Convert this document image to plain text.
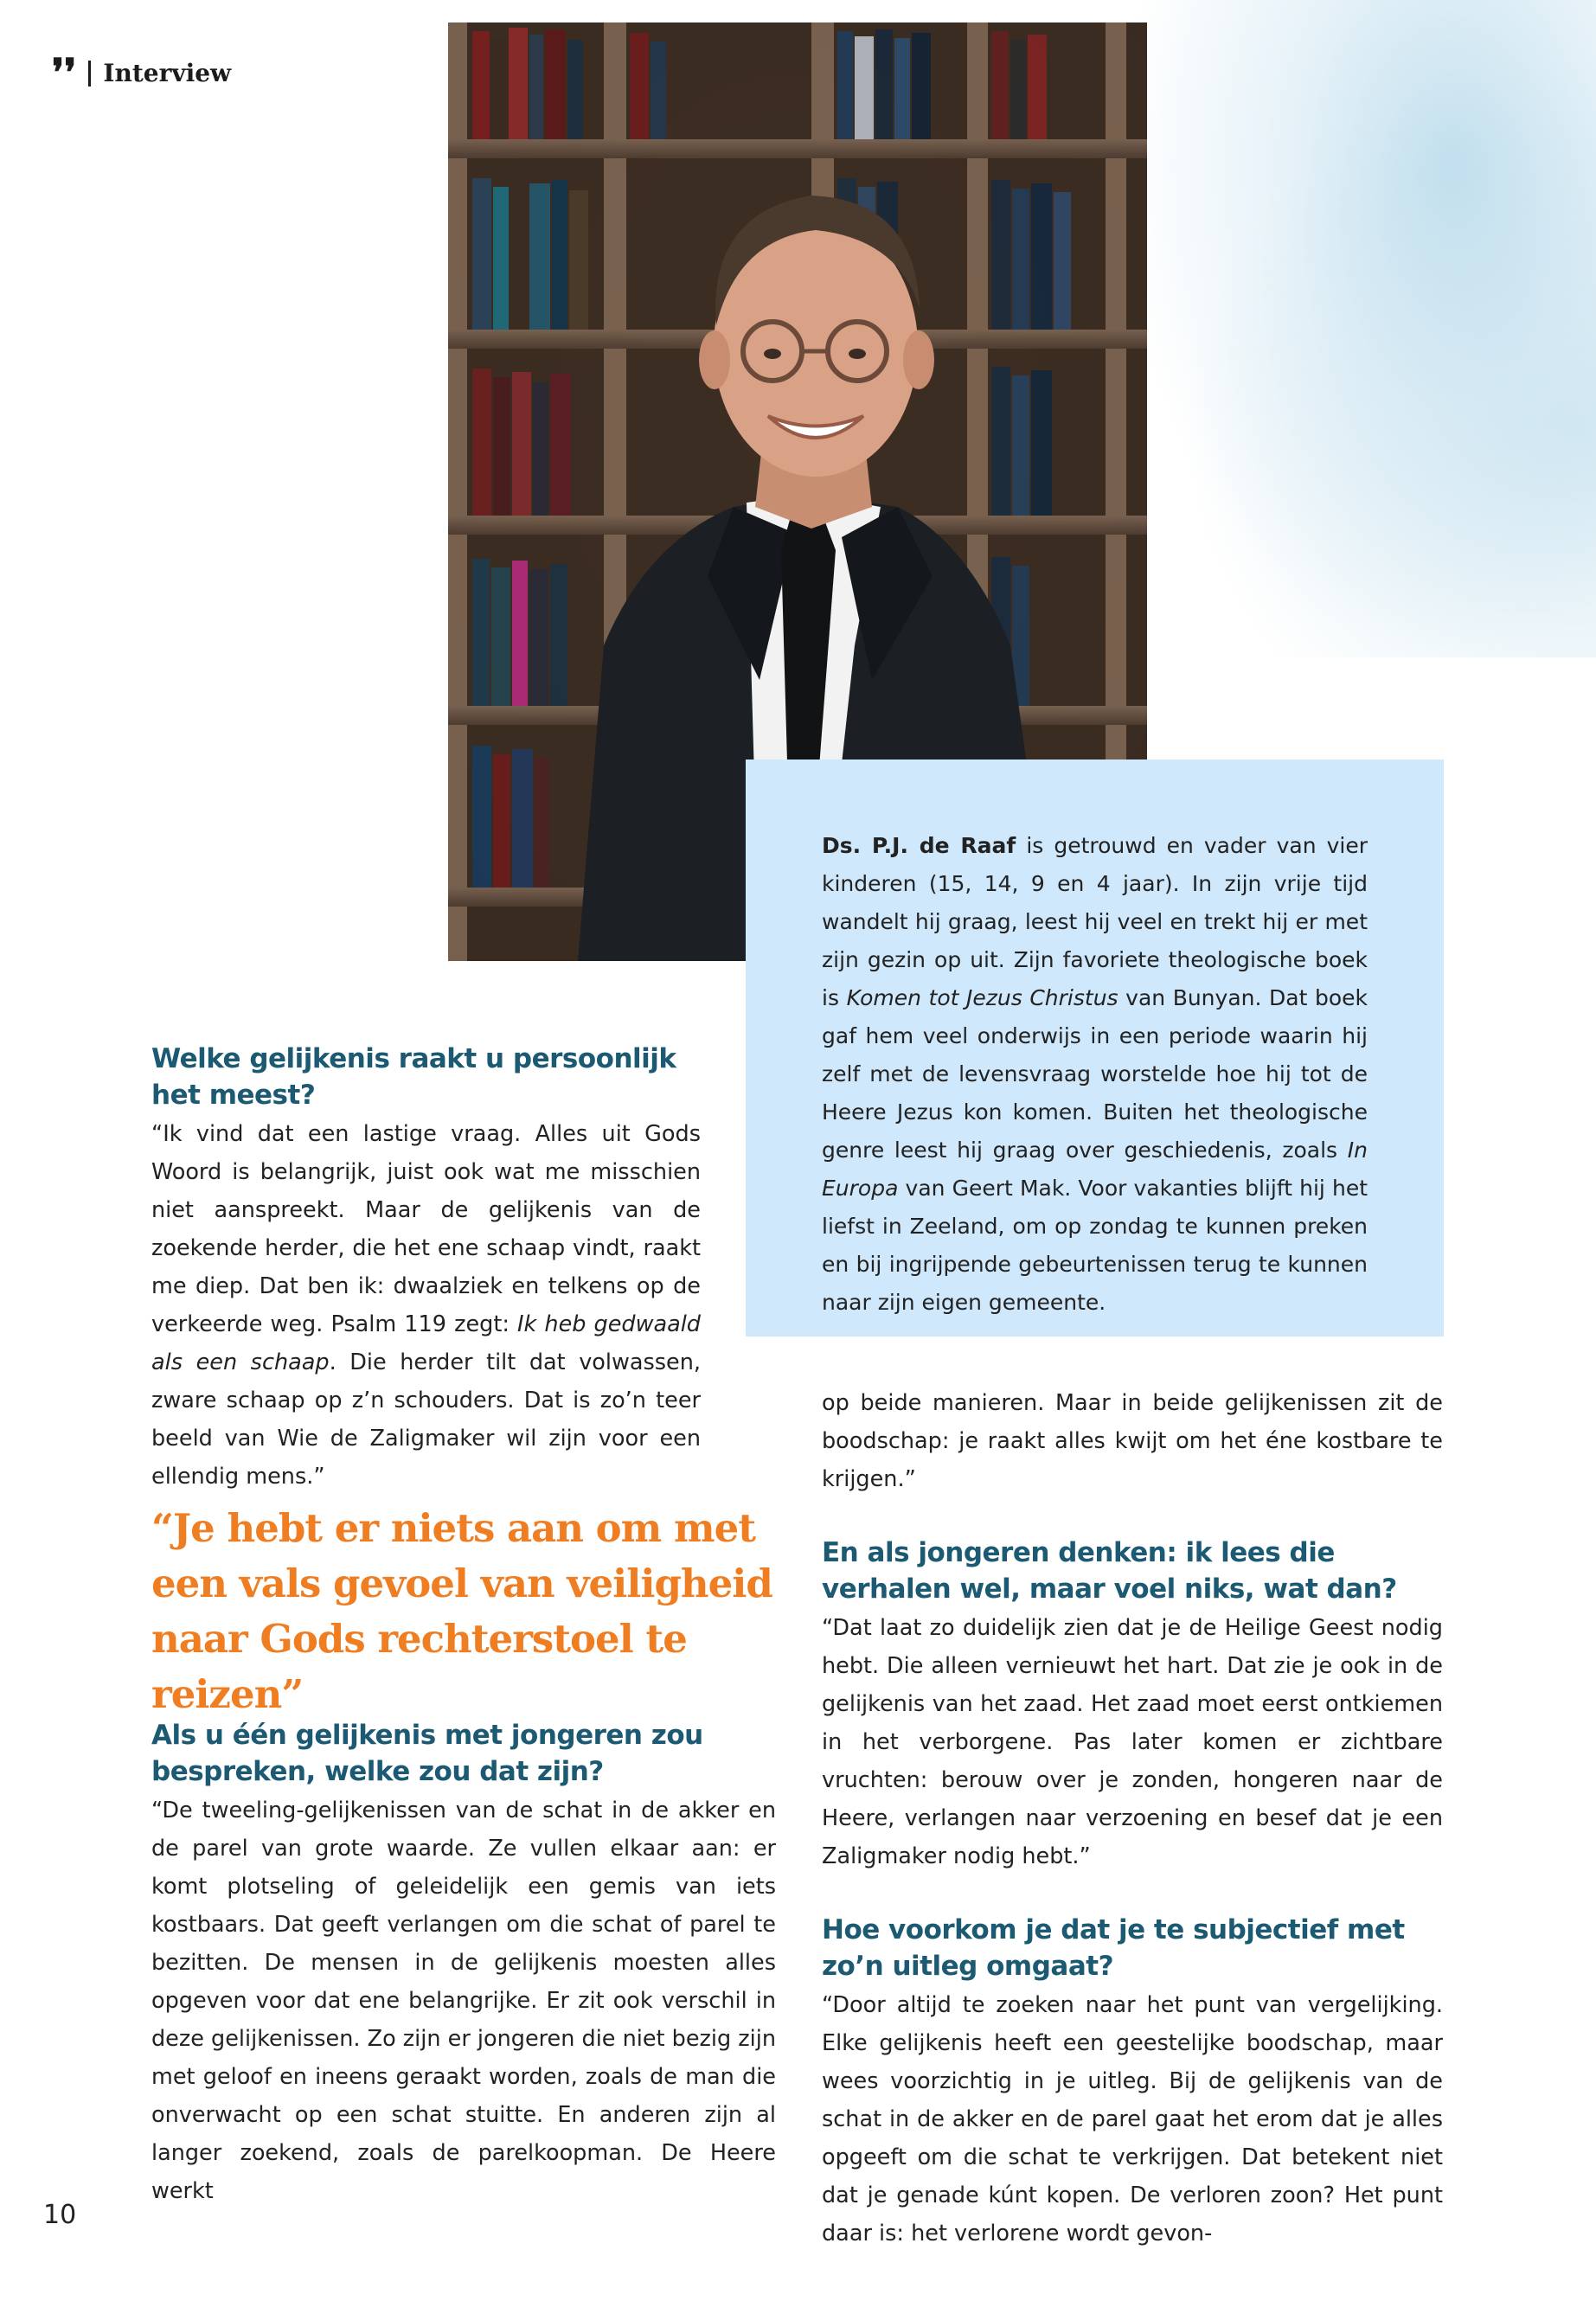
❜❜ Interview

Ds. P.J. de Raaf is getrouwd en vader van vier kinderen (15, 14, 9 en 4 jaar). In zijn vrije tijd wandelt hij graag, leest hij veel en trekt hij er met zijn gezin op uit. Zijn favoriete theologische boek is Komen tot Jezus Christus van Bunyan. Dat boek gaf hem veel onderwijs in een periode waarin hij zelf met de levensvraag worstelde hoe hij tot de Heere Jezus kon komen. Buiten het theologische genre leest hij graag over geschiedenis, zoals In Europa van Geert Mak. Voor vakanties blijft hij het liefst in Zeeland, om op zondag te kunnen preken en bij ingrijpende gebeurtenissen terug te kunnen naar zijn eigen gemeente.

Welke gelijkenis raakt u persoonlijk het meest?

“Ik vind dat een lastige vraag. Alles uit Gods Woord is belangrijk, juist ook wat me misschien niet aanspreekt. Maar de gelijkenis van de zoekende herder, die het ene schaap vindt, raakt me diep. Dat ben ik: dwaalziek en telkens op de verkeerde weg. Psalm 119 zegt: Ik heb gedwaald als een schaap. Die herder tilt dat volwassen, zware schaap op z’n schouders. Dat is zo’n teer beeld van Wie de Zaligmaker wil zijn voor een ellendig mens.”

“Je hebt er niets aan om met een vals gevoel van veiligheid naar Gods rechterstoel te reizen”

Als u één gelijkenis met jongeren zou bespreken, welke zou dat zijn?

“De tweeling-gelijkenissen van de schat in de akker en de parel van grote waarde. Ze vullen elkaar aan: er komt plotseling of geleidelijk een gemis van iets kostbaars. Dat geeft verlangen om die schat of parel te bezitten. De mensen in de gelijkenis moesten alles opgeven voor dat ene belangrijke. Er zit ook verschil in deze gelijkenissen. Zo zijn er jongeren die niet bezig zijn met geloof en ineens geraakt worden, zoals de man die onverwacht op een schat stuitte. En anderen zijn al langer zoekend, zoals de parelkoopman. De Heere werkt

op beide manieren. Maar in beide gelijkenissen zit de boodschap: je raakt alles kwijt om het éne kostbare te krijgen.”

En als jongeren denken: ik lees die verhalen wel, maar voel niks, wat dan?

“Dat laat zo duidelijk zien dat je de Heilige Geest nodig hebt. Die alleen vernieuwt het hart. Dat zie je ook in de gelijkenis van het zaad. Het zaad moet eerst ontkiemen in het verborgene. Pas later komen er zichtbare vruchten: berouw over je zonden, hongeren naar de Heere, verlangen naar verzoening en besef dat je een Zaligmaker nodig hebt.”

Hoe voorkom je dat je te subjectief met zo’n uitleg omgaat?

“Door altijd te zoeken naar het punt van vergelijking. Elke gelijkenis heeft een geestelijke boodschap, maar wees voorzichtig in je uitleg. Bij de gelijkenis van de schat in de akker en de parel gaat het erom dat je alles opgeeft om die schat te verkrijgen. Dat betekent niet dat je genade kúnt kopen. De verloren zoon? Het punt daar is: het verlorene wordt gevon-

10
